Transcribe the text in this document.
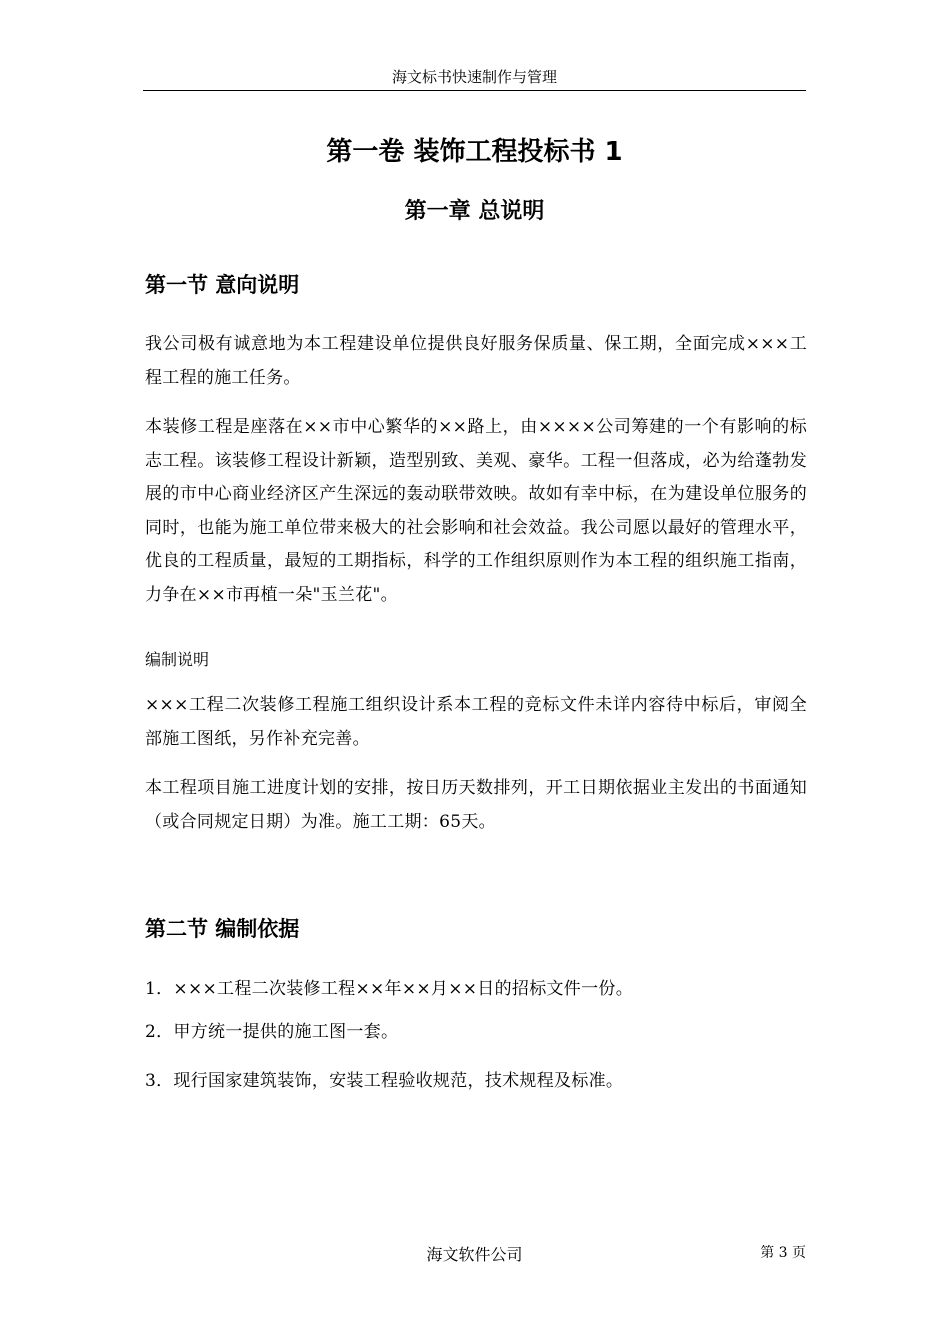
海文标书快速制作与管理
第一卷 装饰工程投标书 1
第一章 总说明
第一节 意向说明
我公司极有诚意地为本工程建设单位提供良好服务保质量、保工期，全面完成×××工程工程的施工任务。
本装修工程是座落在××市中心繁华的××路上，由××××公司筹建的一个有影响的标志工程。该装修工程设计新颖，造型别致、美观、豪华。工程一但落成，必为给蓬勃发展的市中心商业经济区产生深远的轰动联带效映。故如有幸中标，在为建设单位服务的同时，也能为施工单位带来极大的社会影响和社会效益。我公司愿以最好的管理水平，优良的工程质量，最短的工期指标，科学的工作组织原则作为本工程的组织施工指南，力争在××市再植一朵"玉兰花"。
编制说明
×××工程二次装修工程施工组织设计系本工程的竞标文件未详内容待中标后，审阅全部施工图纸，另作补充完善。
本工程项目施工进度计划的安排，按日历天数排列，开工日期依据业主发出的书面通知（或合同规定日期）为准。施工工期：65天。
第二节 编制依据
1．×××工程二次装修工程××年××月××日的招标文件一份。
2．甲方统一提供的施工图一套。
3．现行国家建筑装饰，安装工程验收规范，技术规程及标准。
海文软件公司	第 3 页
